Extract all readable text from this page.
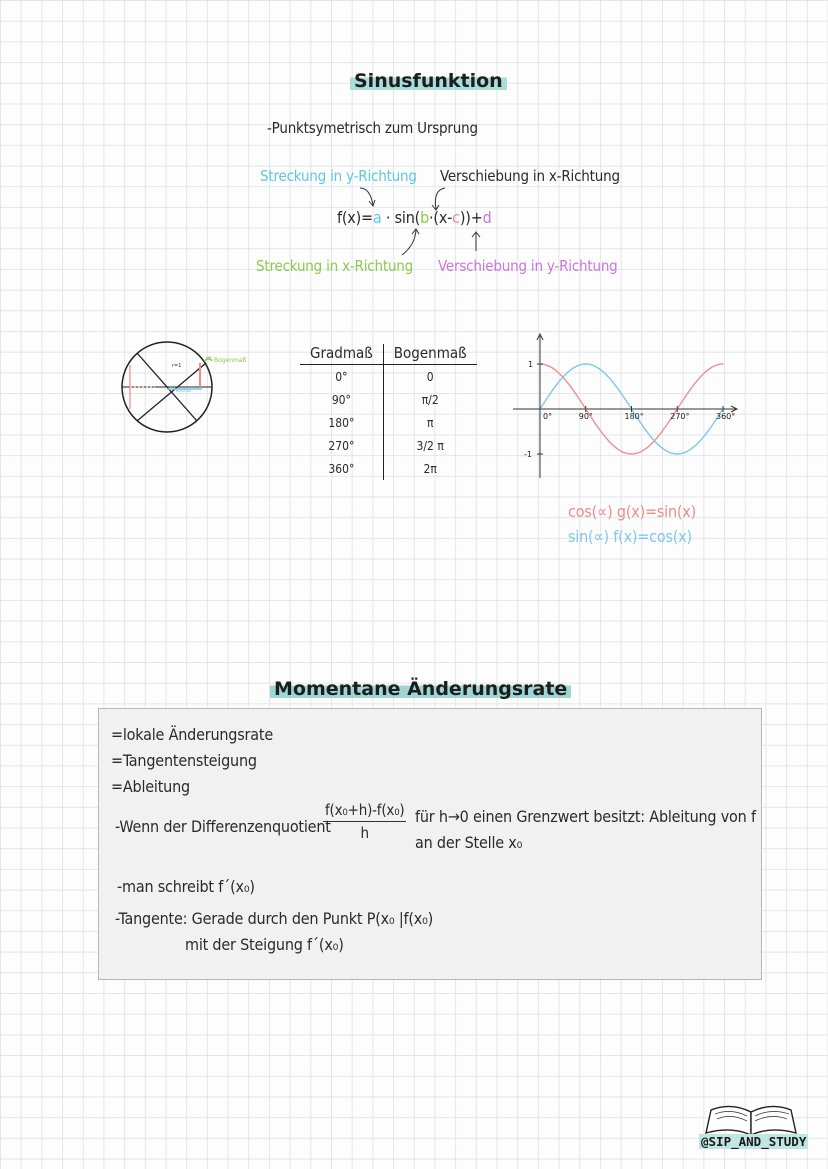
Sinusfunktion
-Punktsymetrisch zum Ursprung
Streckung in y-Richtung Verschiebung in x-Richtung
f(x)=a · sin(b·(x-c))+d
Streckung in x-Richtung Verschiebung in y-Richtung
r=1
Bogenmaß
Kosinus
Gradmaß	Bogenmaß
0°	0
90°	π/2
180°	π
270°	3/2 π
360°	2π
0°	90°	180°	270°	360°
1
-1
cos(∝) g(x)=sin(x)
sin(∝) f(x)=cos(x)
Momentane Änderungsrate
=lokale Änderungsrate
=Tangentensteigung
=Ableitung
-Wenn der Differenzenquotient
$\frac{\text{f(x₀+h)-f(x₀)}}{h}$ für h→0 einen Grenzwert besitzt: Ableitung von f
an der Stelle x₀
-man schreibt f´(x₀)
-Tangente: Gerade durch den Punkt P(x₀ |f(x₀)
mit der Steigung f´(x₀)
@SIP_AND_STUDY
